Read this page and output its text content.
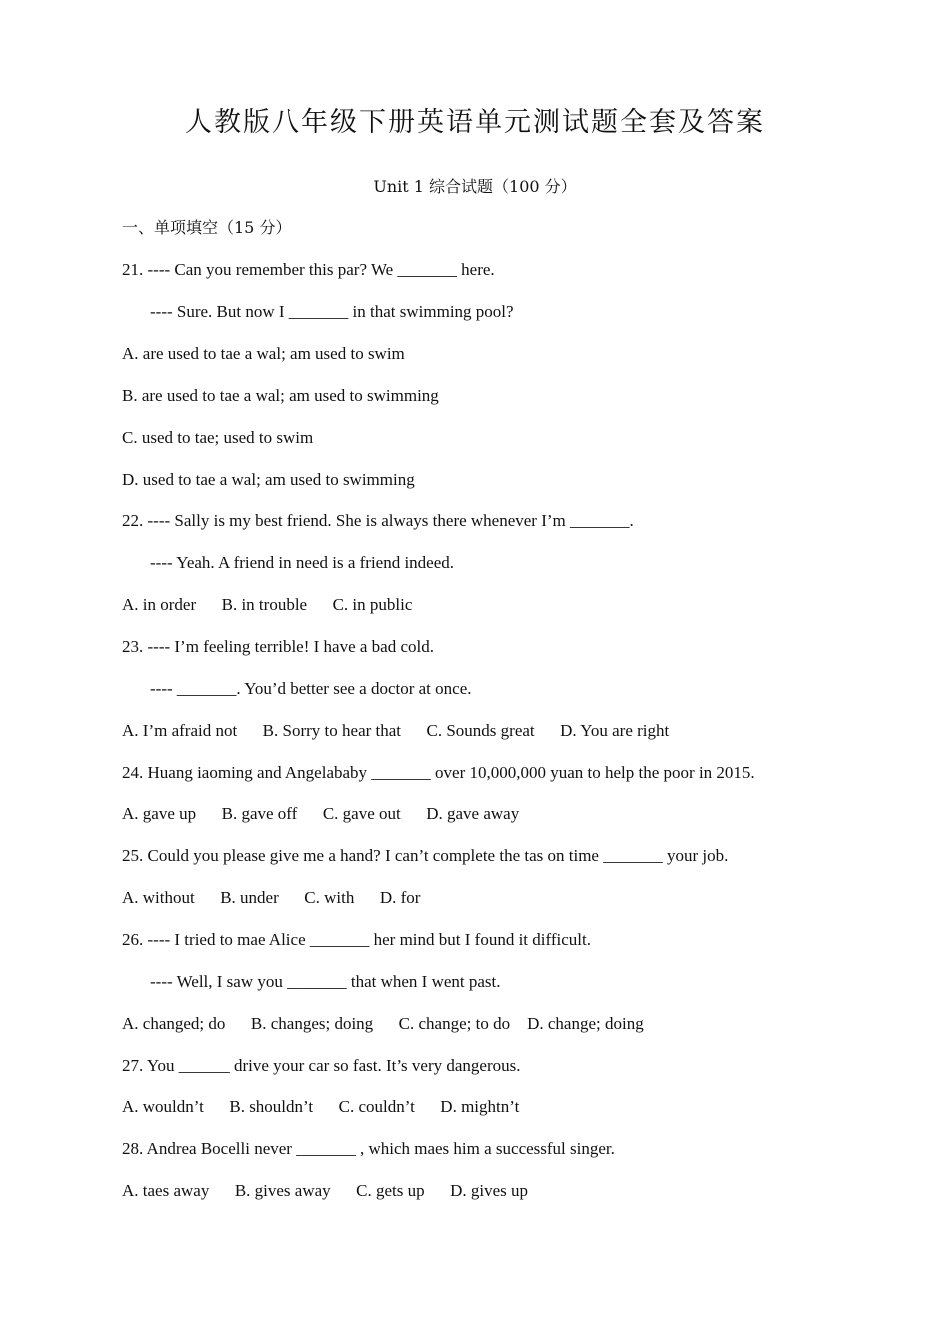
人教版八年级下册英语单元测试题全套及答案
Unit 1 综合试题（100 分）
一、单项填空（15 分）
21. ---- Can you remember this par? We _______ here.
---- Sure. But now I _______ in that swimming pool?
A. are used to tae a wal; am used to swim
B. are used to tae a wal; am used to swimming
C. used to tae; used to swim
D. used to tae a wal; am used to swimming
22. ---- Sally is my best friend. She is always there whenever I’m _______.
---- Yeah. A friend in need is a friend indeed.
A. in order      B. in trouble      C. in public
23. ---- I’m feeling terrible! I have a bad cold.
---- _______. You’d better see a doctor at once.
A. I’m afraid not      B. Sorry to hear that      C. Sounds great      D. You are right
24. Huang iaoming and Angelababy _______ over 10,000,000 yuan to help the poor in 2015.
A. gave up      B. gave off      C. gave out      D. gave away
25. Could you please give me a hand? I can’t complete the tas on time _______ your job.
A. without      B. under      C. with      D. for
26. ---- I tried to mae Alice _______ her mind but I found it difficult.
---- Well, I saw you _______ that when I went past.
A. changed; do      B. changes; doing      C. change; to do    D. change; doing
27. You ______ drive your car so fast. It’s very dangerous.
A. wouldn’t      B. shouldn’t      C. couldn’t      D. mightn’t
28. Andrea Bocelli never _______ , which maes him a successful singer.
A. taes away      B. gives away      C. gets up      D. gives up
